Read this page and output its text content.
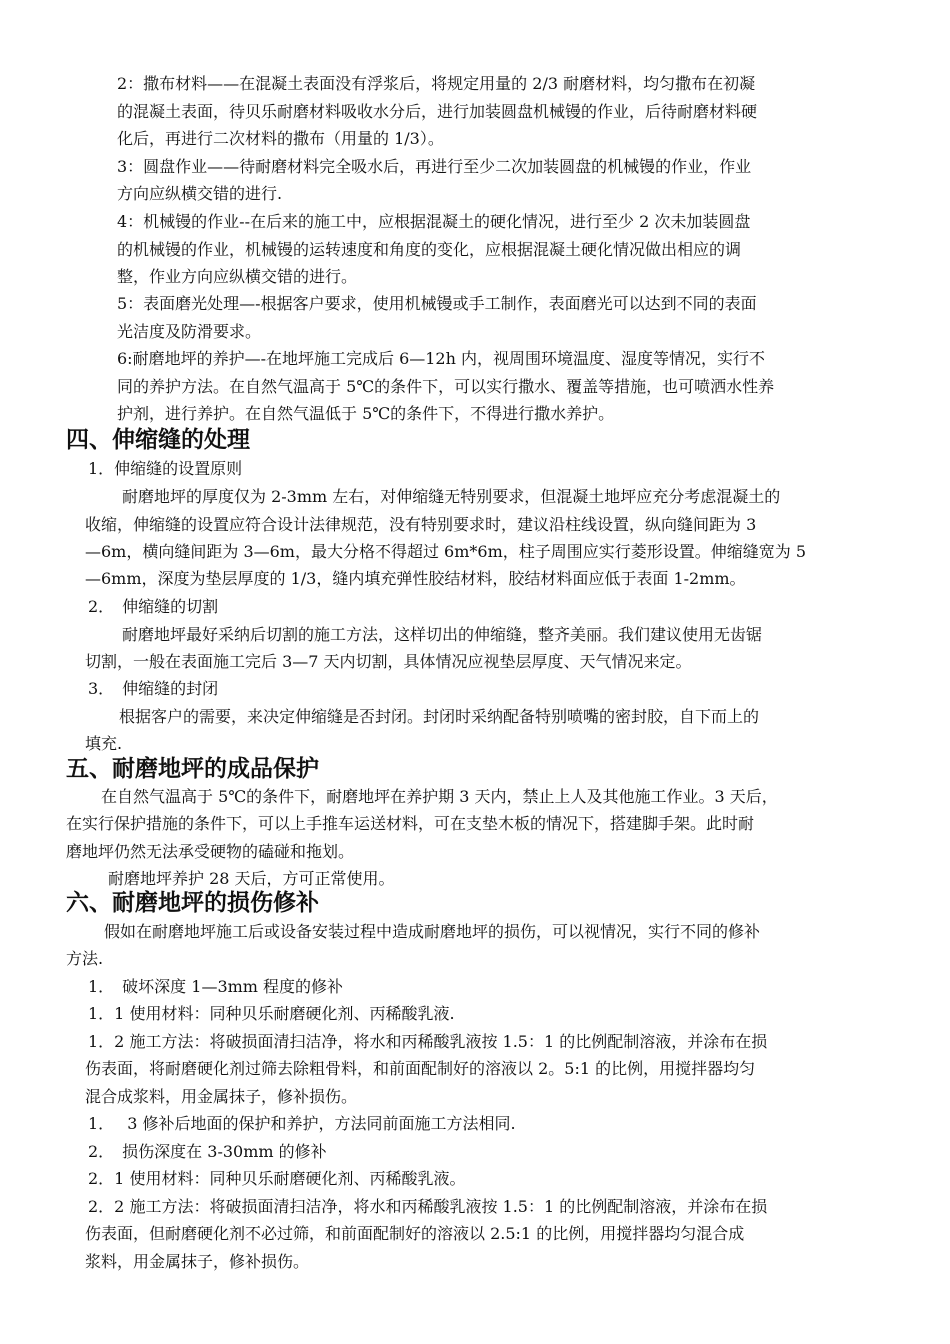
2：撒布材料——在混凝土表面没有浮浆后，将规定用量的 2/3 耐磨材料，均匀撒布在初凝
的混凝土表面，待贝乐耐磨材料吸收水分后，进行加装圆盘机械镘的作业，后待耐磨材料硬
化后，再进行二次材料的撒布（用量的 1/3）。
3：圆盘作业——待耐磨材料完全吸水后，再进行至少二次加装圆盘的机械镘的作业，作业
方向应纵横交错的进行.
4：机械镘的作业--在后来的施工中，应根据混凝土的硬化情况，进行至少 2 次未加装圆盘
的机械镘的作业，机械镘的运转速度和角度的变化，应根据混凝土硬化情况做出相应的调
整，作业方向应纵横交错的进行。
5：表面磨光处理—-根据客户要求，使用机械镘或手工制作，表面磨光可以达到不同的表面
光洁度及防滑要求。
6:耐磨地坪的养护—-在地坪施工完成后 6—12h 内，视周围环境温度、湿度等情况，实行不
同的养护方法。在自然气温高于 5℃的条件下，可以实行撒水、覆盖等措施，也可喷洒水性养
护剂，进行养护。在自然气温低于 5℃的条件下，不得进行撒水养护。
四、伸缩缝的处理
1．伸缩缝的设置原则
耐磨地坪的厚度仅为 2-3mm 左右，对伸缩缝无特别要求，但混凝土地坪应充分考虑混凝土的
收缩，伸缩缝的设置应符合设计法律规范，没有特别要求时，建议沿柱线设置，纵向缝间距为 3
—6m，横向缝间距为 3—6m，最大分格不得超过 6m*6m，柱子周围应实行菱形设置。伸缩缝宽为 5
—6mm，深度为垫层厚度的 1/3，缝内填充弹性胶结材料，胶结材料面应低于表面 1-2mm。
2．　伸缩缝的切割
耐磨地坪最好采纳后切割的施工方法，这样切出的伸缩缝，整齐美丽。我们建议使用无齿锯
切割，一般在表面施工完后 3—7 天内切割，具体情况应视垫层厚度、天气情况来定。
3．　伸缩缝的封闭
根据客户的需要，来决定伸缩缝是否封闭。封闭时采纳配备特别喷嘴的密封胶，自下而上的
填充.
五、耐磨地坪的成品保护
在自然气温高于 5℃的条件下，耐磨地坪在养护期 3 天内，禁止上人及其他施工作业。3 天后，
在实行保护措施的条件下，可以上手推车运送材料，可在支垫木板的情况下，搭建脚手架。此时耐
磨地坪仍然无法承受硬物的磕碰和拖划。
耐磨地坪养护 28 天后，方可正常使用。
六、耐磨地坪的损伤修补
假如在耐磨地坪施工后或设备安装过程中造成耐磨地坪的损伤，可以视情况，实行不同的修补
方法.
1．　破坏深度 1—3mm 程度的修补
1．1 使用材料：同种贝乐耐磨硬化剂、丙稀酸乳液.
1．2 施工方法：将破损面清扫洁净，将水和丙稀酸乳液按 1.5：1 的比例配制溶液，并涂布在损
伤表面，将耐磨硬化剂过筛去除粗骨料，和前面配制好的溶液以 2。5:1 的比例，用搅拌器均匀
混合成浆料，用金属抹子，修补损伤。
1．　 3 修补后地面的保护和养护，方法同前面施工方法相同.
2．　损伤深度在 3-30mm 的修补
2．1 使用材料：同种贝乐耐磨硬化剂、丙稀酸乳液。
2．2 施工方法：将破损面清扫洁净，将水和丙稀酸乳液按 1.5：1 的比例配制溶液，并涂布在损
伤表面，但耐磨硬化剂不必过筛，和前面配制好的溶液以 2.5:1 的比例，用搅拌器均匀混合成
浆料，用金属抹子，修补损伤。
